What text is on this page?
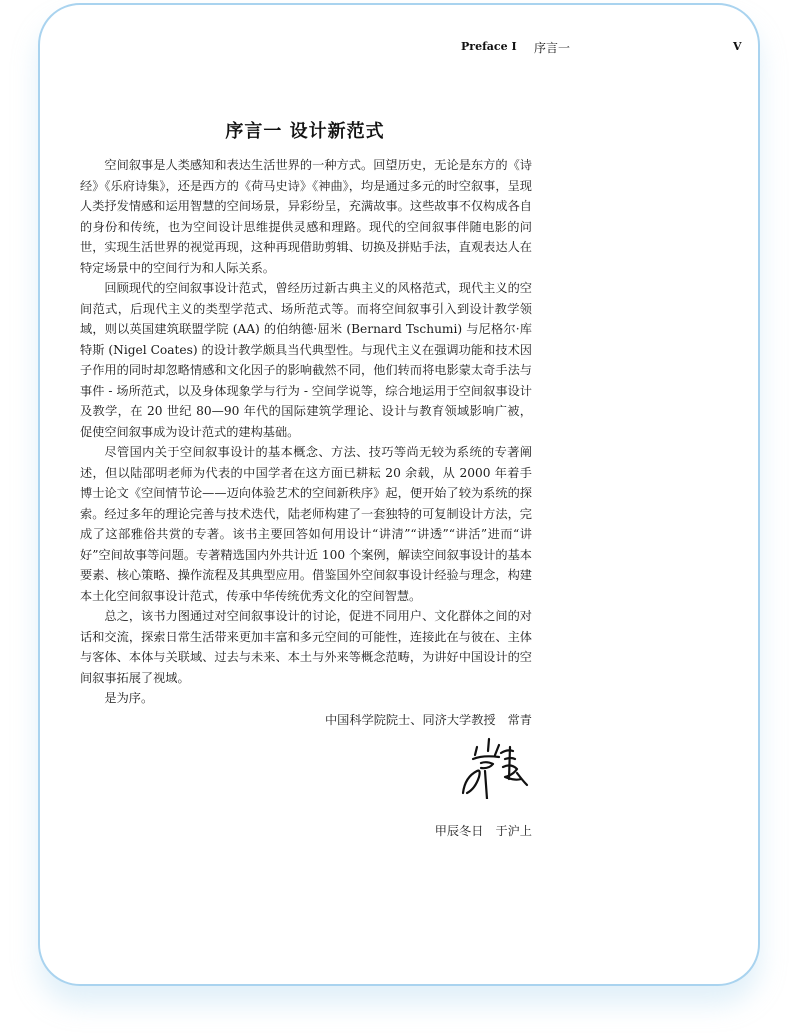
Preface I 序言一	V
序言一 设计新范式

空间叙事是人类感知和表达生活世界的一种方式。回望历史，无论是东方的《诗经》《乐府诗集》，还是西方的《荷马史诗》《神曲》，均是通过多元的时空叙事，呈现人类抒发情感和运用智慧的空间场景，异彩纷呈，充满故事。这些故事不仅构成各自的身份和传统，也为空间设计思维提供灵感和理路。现代的空间叙事伴随电影的问世，实现生活世界的视觉再现，这种再现借助剪辑、切换及拼贴手法，直观表达人在特定场景中的空间行为和人际关系。

回顾现代的空间叙事设计范式，曾经历过新古典主义的风格范式，现代主义的空间范式，后现代主义的类型学范式、场所范式等。而将空间叙事引入到设计教学领域，则以英国建筑联盟学院 (AA) 的伯纳德·屈米 (Bernard Tschumi) 与尼格尔·库特斯 (Nigel Coates) 的设计教学颇具当代典型性。与现代主义在强调功能和技术因子作用的同时却忽略情感和文化因子的影响截然不同，他们转而将电影蒙太奇手法与事件 - 场所范式，以及身体现象学与行为 - 空间学说等，综合地运用于空间叙事设计及教学，在 20 世纪 80—90 年代的国际建筑学理论、设计与教育领域影响广被，促使空间叙事成为设计范式的建构基础。

尽管国内关于空间叙事设计的基本概念、方法、技巧等尚无较为系统的专著阐述，但以陆邵明老师为代表的中国学者在这方面已耕耘 20 余载，从 2000 年着手博士论文《空间情节论——迈向体验艺术的空间新秩序》起，便开始了较为系统的探索。经过多年的理论完善与技术迭代，陆老师构建了一套独特的可复制设计方法，完成了这部雅俗共赏的专著。该书主要回答如何用设计“讲清”“讲透”“讲活”进而“讲好”空间故事等问题。专著精选国内外共计近 100 个案例，解读空间叙事设计的基本要素、核心策略、操作流程及其典型应用。借鉴国外空间叙事设计经验与理念，构建本土化空间叙事设计范式，传承中华传统优秀文化的空间智慧。

总之，该书力图通过对空间叙事设计的讨论，促进不同用户、文化群体之间的对话和交流，探索日常生活带来更加丰富和多元空间的可能性，连接此在与彼在、主体与客体、本体与关联域、过去与未来、本土与外来等概念范畴，为讲好中国设计的空间叙事拓展了视域。

是为序。

中国科学院院士、同济大学教授 常青
甲辰冬日 于沪上
